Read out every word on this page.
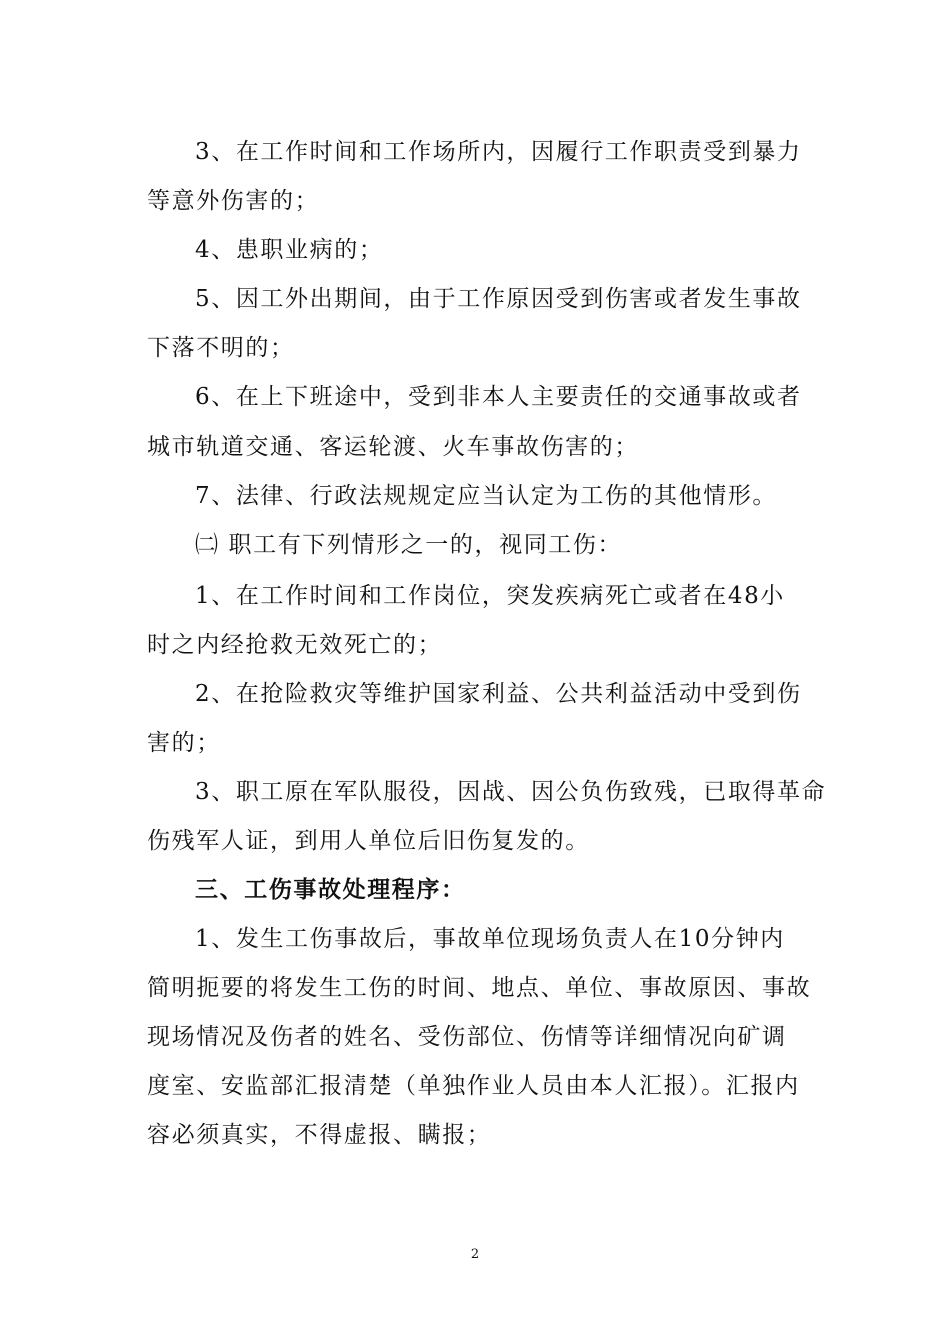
3、在工作时间和工作场所内，因履行工作职责受到暴力
等意外伤害的；
4、患职业病的；
5、因工外出期间，由于工作原因受到伤害或者发生事故
下落不明的；
6、在上下班途中，受到非本人主要责任的交通事故或者
城市轨道交通、客运轮渡、火车事故伤害的；
7、法律、行政法规规定应当认定为工伤的其他情形。
㈡ 职工有下列情形之一的，视同工伤：
1、在工作时间和工作岗位，突发疾病死亡或者在48小
时之内经抢救无效死亡的；
2、在抢险救灾等维护国家利益、公共利益活动中受到伤
害的；
3、职工原在军队服役，因战、因公负伤致残，已取得革命
伤残军人证，到用人单位后旧伤复发的。
三、工伤事故处理程序：
1、发生工伤事故后，事故单位现场负责人在10分钟内
简明扼要的将发生工伤的时间、地点、单位、事故原因、事故
现场情况及伤者的姓名、受伤部位、伤情等详细情况向矿调
度室、安监部汇报清楚（单独作业人员由本人汇报）。汇报内
容必须真实，不得虚报、瞒报；
2
